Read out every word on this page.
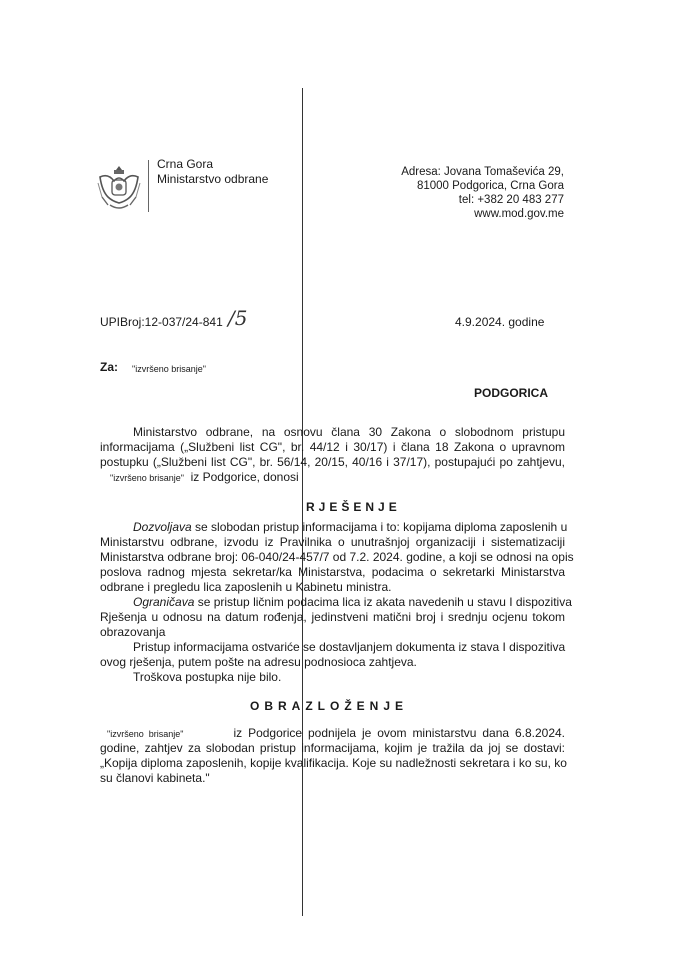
Crna Gora
Ministarstvo odbrane	Adresa: Jovana Tomaševića 29,
81000 Podgorica, Crna Gora
tel: +382 20 483 277
www.mod.gov.me
UPIBroj:12-037/24-841 /5	4.9.2024. godine
Za: "izvršeno brisanje"
PODGORICA
Ministarstvo odbrane, na osnovu člana 30 Zakona o slobodnom pristupu
informacijama („Službeni list CG", br. 44/12 i 30/17) i člana 18 Zakona o upravnom
postupku („Službeni list CG", br. 56/14, 20/15, 40/16 i 37/17), postupajući po zahtjevu,
"izvršeno brisanje" iz Podgorice, donosi
RJEŠENJE
Dozvoljava se slobodan pristup informacijama i to: kopijama diploma zaposlenih u
Ministarstvu odbrane, izvodu iz Pravilnika o unutrašnjoj organizaciji i sistematizaciji
Ministarstva odbrane broj: 06-040/24-457/7 od 7.2. 2024. godine, a koji se odnosi na opis
poslova radnog mjesta sekretar/ka Ministarstva, podacima o sekretarki Ministarstva
odbrane i pregledu lica zaposlenih u Kabinetu ministra.
Ograničava se pristup ličnim podacima lica iz akata navedenih u stavu I dispozitiva
Rješenja u odnosu na datum rođenja, jedinstveni matični broj i srednju ocjenu tokom
obrazovanja
Pristup informacijama ostvariće se dostavljanjem dokumenta iz stava I dispozitiva
ovog rješenja, putem pošte na adresu podnosioca zahtjeva.
Troškova postupka nije bilo.
OBRAZLOŽENJE
"izvršeno brisanje"	iz Podgorice podnijela je ovom ministarstvu dana 6.8.2024.
godine, zahtjev za slobodan pristup informacijama, kojim je tražila da joj se dostavi:
„Kopija diploma zaposlenih, kopije kvalifikacija. Koje su nadležnosti sekretara i ko su, ko
su članovi kabineta."
